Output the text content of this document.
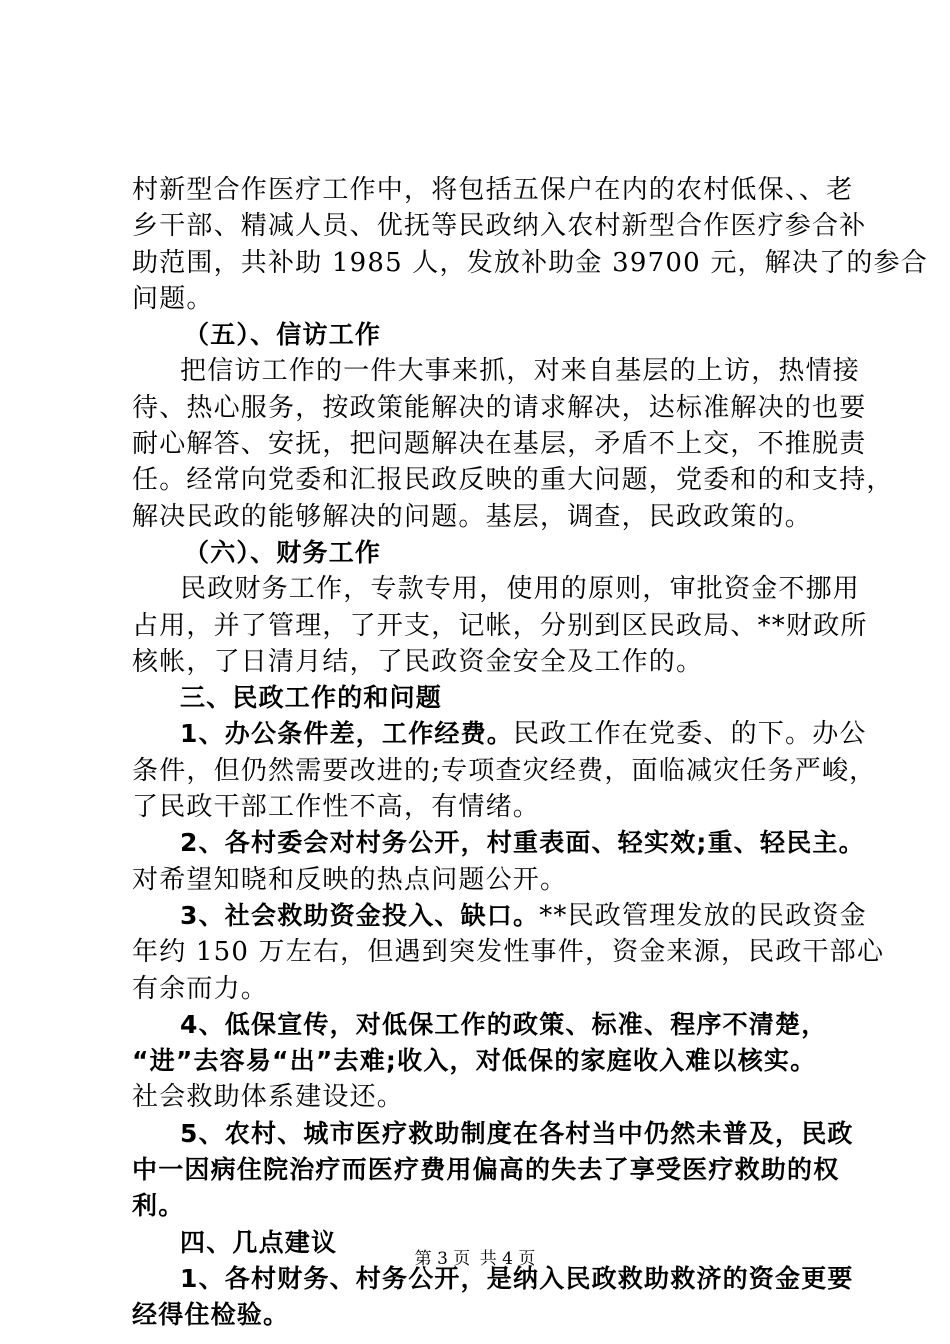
村新型合作医疗工作中，将包括五保户在内的农村低保、、老
乡干部、精减人员、优抚等民政纳入农村新型合作医疗参合补
助范围，共补助 1985 人，发放补助金 39700 元，解决了的参合
问题。
（五）、信访工作
把信访工作的一件大事来抓，对来自基层的上访，热情接
待、热心服务，按政策能解决的请求解决，达标准解决的也要
耐心解答、安抚，把问题解决在基层，矛盾不上交，不推脱责
任。经常向党委和汇报民政反映的重大问题，党委和的和支持，
解决民政的能够解决的问题。基层，调查，民政政策的。
（六）、财务工作
民政财务工作，专款专用，使用的原则，审批资金不挪用
占用，并了管理，了开支，记帐，分别到区民政局、**财政所
核帐，了日清月结，了民政资金安全及工作的。
三、民政工作的和问题
1、办公条件差，工作经费。民政工作在党委、的下。办公
条件，但仍然需要改进的;专项查灾经费，面临减灾任务严峻，
了民政干部工作性不高，有情绪。
2、各村委会对村务公开，村重表面、轻实效;重、轻民主。
对希望知晓和反映的热点问题公开。
3、社会救助资金投入、缺口。**民政管理发放的民政资金
年约 150 万左右，但遇到突发性事件，资金来源，民政干部心
有余而力。
4、低保宣传，对低保工作的政策、标准、程序不清楚，
“进”去容易“出”去难;收入，对低保的家庭收入难以核实。
社会救助体系建设还。
5、农村、城市医疗救助制度在各村当中仍然未普及，民政
中一因病住院治疗而医疗费用偏高的失去了享受医疗救助的权
利。
四、几点建议
1、各村财务、村务公开，是纳入民政救助救济的资金更要
经得住检验。
第 3 页 共 4 页
